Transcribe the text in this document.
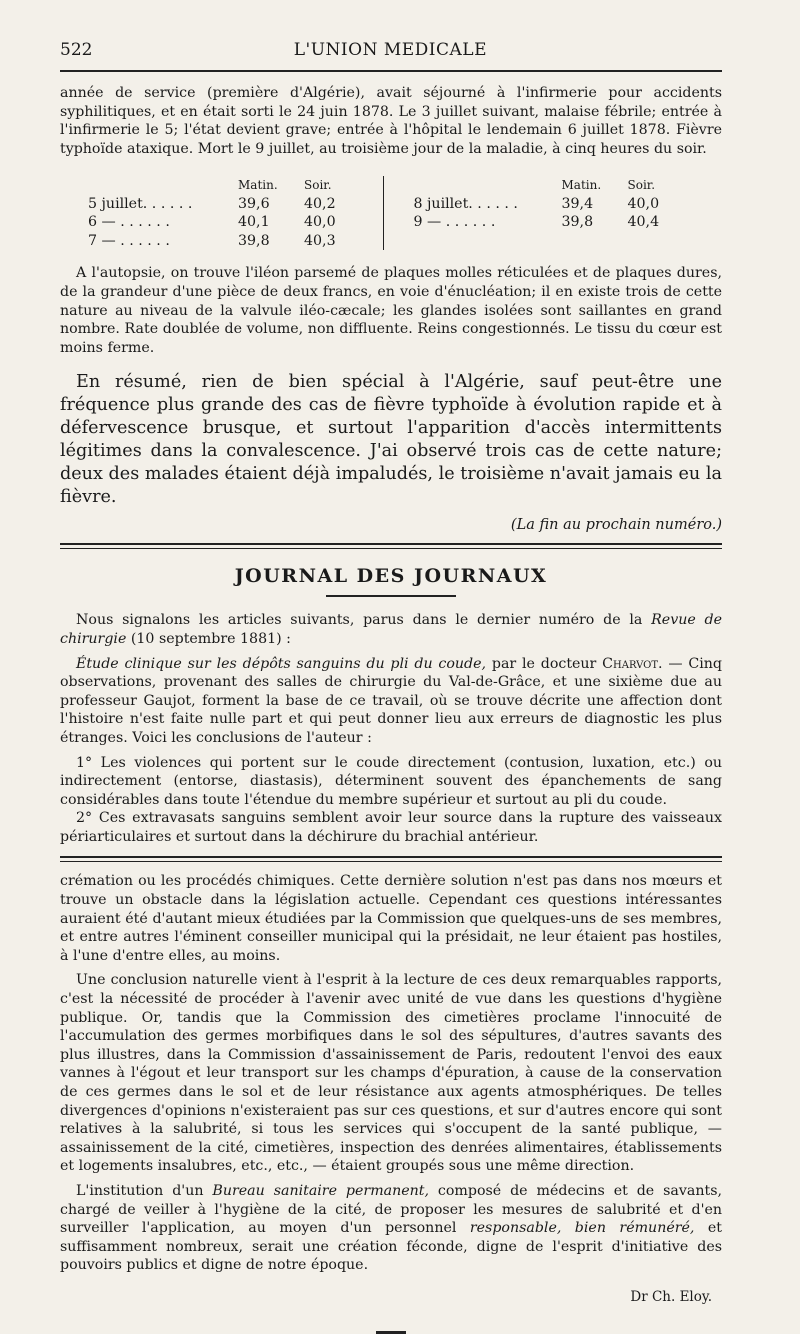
522	L'UNION MEDICALE

année de service (première d'Algérie), avait séjourné à l'infirmerie pour accidents syphilitiques, et en était sorti le 24 juin 1878. Le 3 juillet suivant, malaise fébrile; entrée à l'infirmerie le 5; l'état devient grave; entrée à l'hôpital le lendemain 6 juillet 1878. Fièvre typhoïde ataxique. Mort le 9 juillet, au troisième jour de la maladie, à cinq heures du soir.

Matin.	Soir.
5 juillet. . . . . .	39,6	40,2
6 — . . . . . .	40,1	40,0
7 — . . . . . .	39,8	40,3
Matin.	Soir.
8 juillet. . . . . .	39,4	40,0
9 — . . . . . .	39,8	40,4

A l'autopsie, on trouve l'iléon parsemé de plaques molles réticulées et de plaques dures, de la grandeur d'une pièce de deux francs, en voie d'énucléation; il en existe trois de cette nature au niveau de la valvule iléo-cæcale; les glandes isolées sont saillantes en grand nombre. Rate doublée de volume, non diffluente. Reins congestionnés. Le tissu du cœur est moins ferme.

En résumé, rien de bien spécial à l'Algérie, sauf peut-être une fréquence plus grande des cas de fièvre typhoïde à évolution rapide et à défervescence brusque, et surtout l'apparition d'accès intermittents légitimes dans la convalescence. J'ai observé trois cas de cette nature; deux des malades étaient déjà impaludés, le troisième n'avait jamais eu la fièvre.

(La fin au prochain numéro.)
JOURNAL DES JOURNAUX

Nous signalons les articles suivants, parus dans le dernier numéro de la Revue de chirurgie (10 septembre 1881) :

Étude clinique sur les dépôts sanguins du pli du coude, par le docteur Charvot. — Cinq observations, provenant des salles de chirurgie du Val-de-Grâce, et une sixième due au professeur Gaujot, forment la base de ce travail, où se trouve décrite une affection dont l'histoire n'est faite nulle part et qui peut donner lieu aux erreurs de diagnostic les plus étranges. Voici les conclusions de l'auteur :

1° Les violences qui portent sur le coude directement (contusion, luxation, etc.) ou indirectement (entorse, diastasis), déterminent souvent des épanchements de sang considérables dans toute l'étendue du membre supérieur et surtout au pli du coude.

2° Ces extravasats sanguins semblent avoir leur source dans la rupture des vaisseaux périarticulaires et surtout dans la déchirure du brachial antérieur.

crémation ou les procédés chimiques. Cette dernière solution n'est pas dans nos mœurs et trouve un obstacle dans la législation actuelle. Cependant ces questions intéressantes auraient été d'autant mieux étudiées par la Commission que quelques-uns de ses membres, et entre autres l'éminent conseiller municipal qui la présidait, ne leur étaient pas hostiles, à l'une d'entre elles, au moins.

Une conclusion naturelle vient à l'esprit à la lecture de ces deux remarquables rapports, c'est la nécessité de procéder à l'avenir avec unité de vue dans les questions d'hygiène publique. Or, tandis que la Commission des cimetières proclame l'innocuité de l'accumulation des germes morbifiques dans le sol des sépultures, d'autres savants des plus illustres, dans la Commission d'assainissement de Paris, redoutent l'envoi des eaux vannes à l'égout et leur transport sur les champs d'épuration, à cause de la conservation de ces germes dans le sol et de leur résistance aux agents atmosphériques. De telles divergences d'opinions n'existeraient pas sur ces questions, et sur d'autres encore qui sont relatives à la salubrité, si tous les services qui s'occupent de la santé publique, — assainissement de la cité, cimetières, inspection des denrées alimentaires, établissements et logements insalubres, etc., etc., — étaient groupés sous une même direction.

L'institution d'un Bureau sanitaire permanent, composé de médecins et de savants, chargé de veiller à l'hygiène de la cité, de proposer les mesures de salubrité et d'en surveiller l'application, au moyen d'un personnel responsable, bien rémunéré, et suffisamment nombreux, serait une création féconde, digne de l'esprit d'initiative des pouvoirs publics et digne de notre époque.

Dr Ch. Eloy.
